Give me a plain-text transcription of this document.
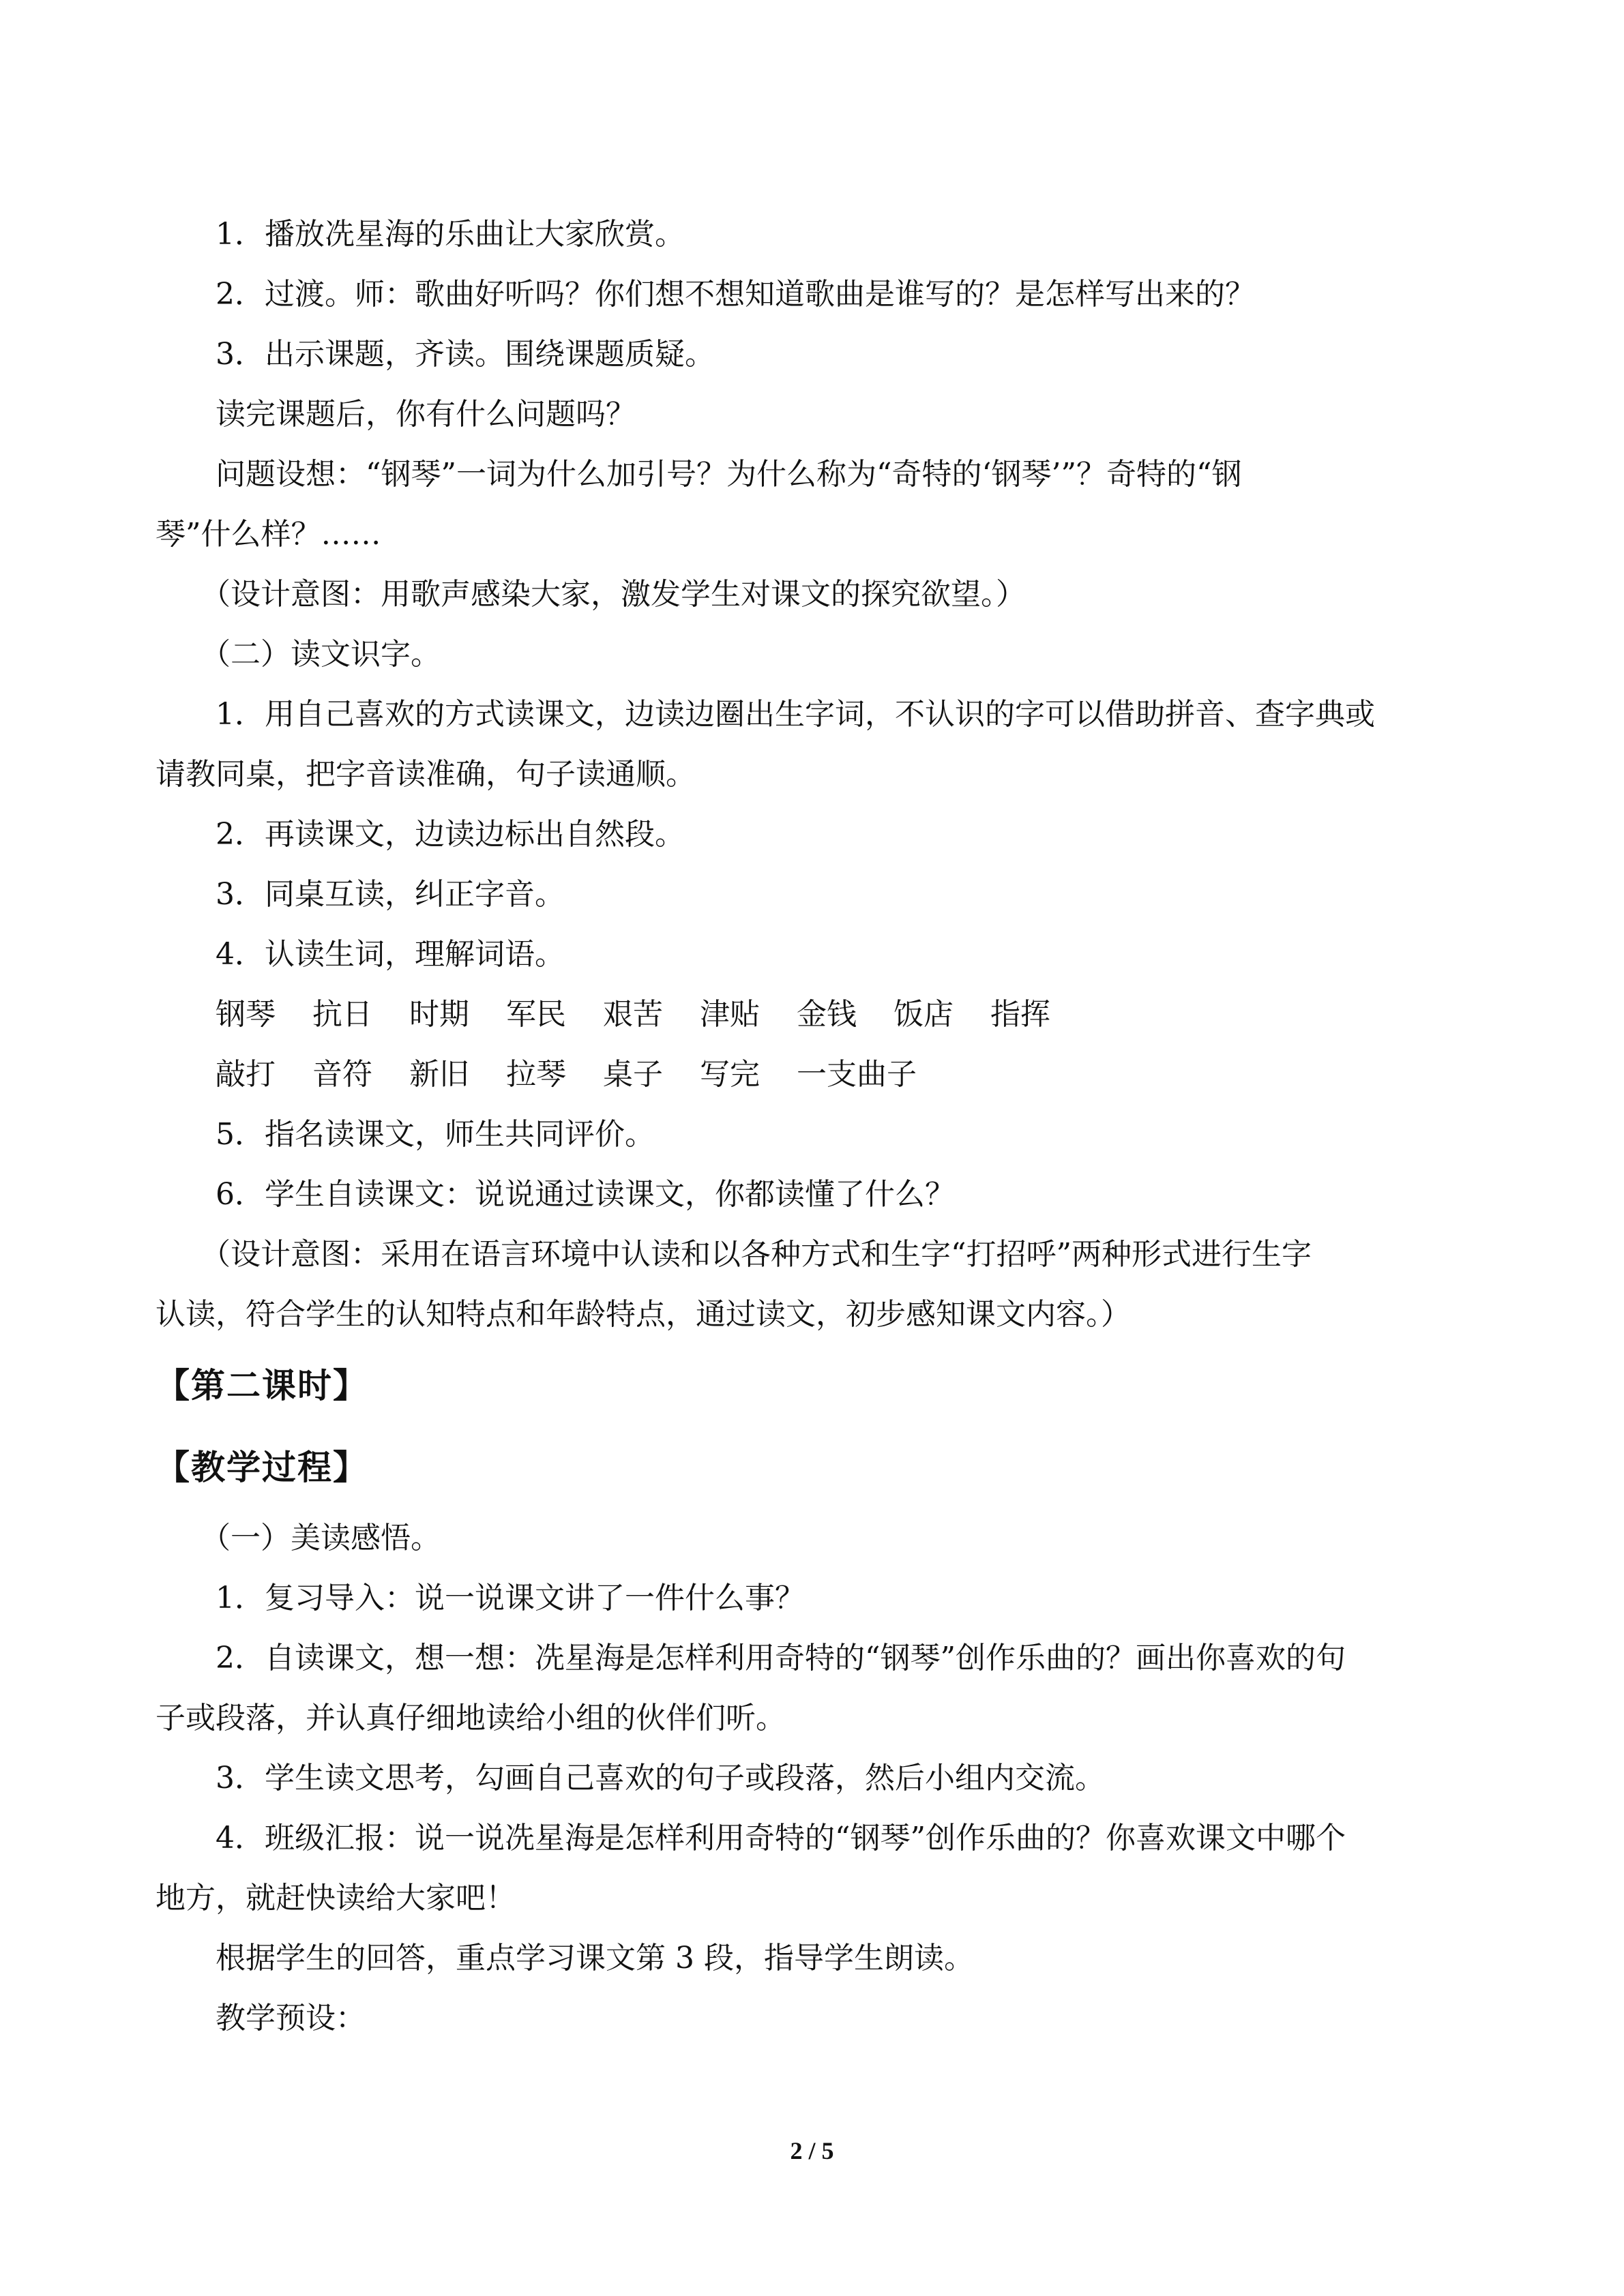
1．播放冼星海的乐曲让大家欣赏。

2．过渡。师：歌曲好听吗？你们想不想知道歌曲是谁写的？是怎样写出来的？

3．出示课题，齐读。围绕课题质疑。

读完课题后，你有什么问题吗？

问题设想：“钢琴”一词为什么加引号？为什么称为“奇特的‘钢琴’”？奇特的“钢

琴”什么样？……

（设计意图：用歌声感染大家，激发学生对课文的探究欲望。）

（二）读文识字。

1．用自己喜欢的方式读课文，边读边圈出生字词，不认识的字可以借助拼音、查字典或

请教同桌，把字音读准确，句子读通顺。

2．再读课文，边读边标出自然段。

3．同桌互读，纠正字音。

4．认读生词，理解词语。

钢琴 抗日 时期 军民 艰苦 津贴 金钱 饭店 指挥
敲打 音符 新旧 拉琴 桌子 写完 一支曲子

5．指名读课文，师生共同评价。

6．学生自读课文：说说通过读课文，你都读懂了什么？

（设计意图：采用在语言环境中认读和以各种方式和生字“打招呼”两种形式进行生字

认读，符合学生的认知特点和年龄特点，通过读文，初步感知课文内容。）

【第二课时】
【教学过程】

（一）美读感悟。

1．复习导入：说一说课文讲了一件什么事？

2．自读课文，想一想：冼星海是怎样利用奇特的“钢琴”创作乐曲的？画出你喜欢的句

子或段落，并认真仔细地读给小组的伙伴们听。

3．学生读文思考，勾画自己喜欢的句子或段落，然后小组内交流。

4．班级汇报：说一说冼星海是怎样利用奇特的“钢琴”创作乐曲的？你喜欢课文中哪个

地方，就赶快读给大家吧！

根据学生的回答，重点学习课文第 3 段，指导学生朗读。

教学预设：

2 / 5
